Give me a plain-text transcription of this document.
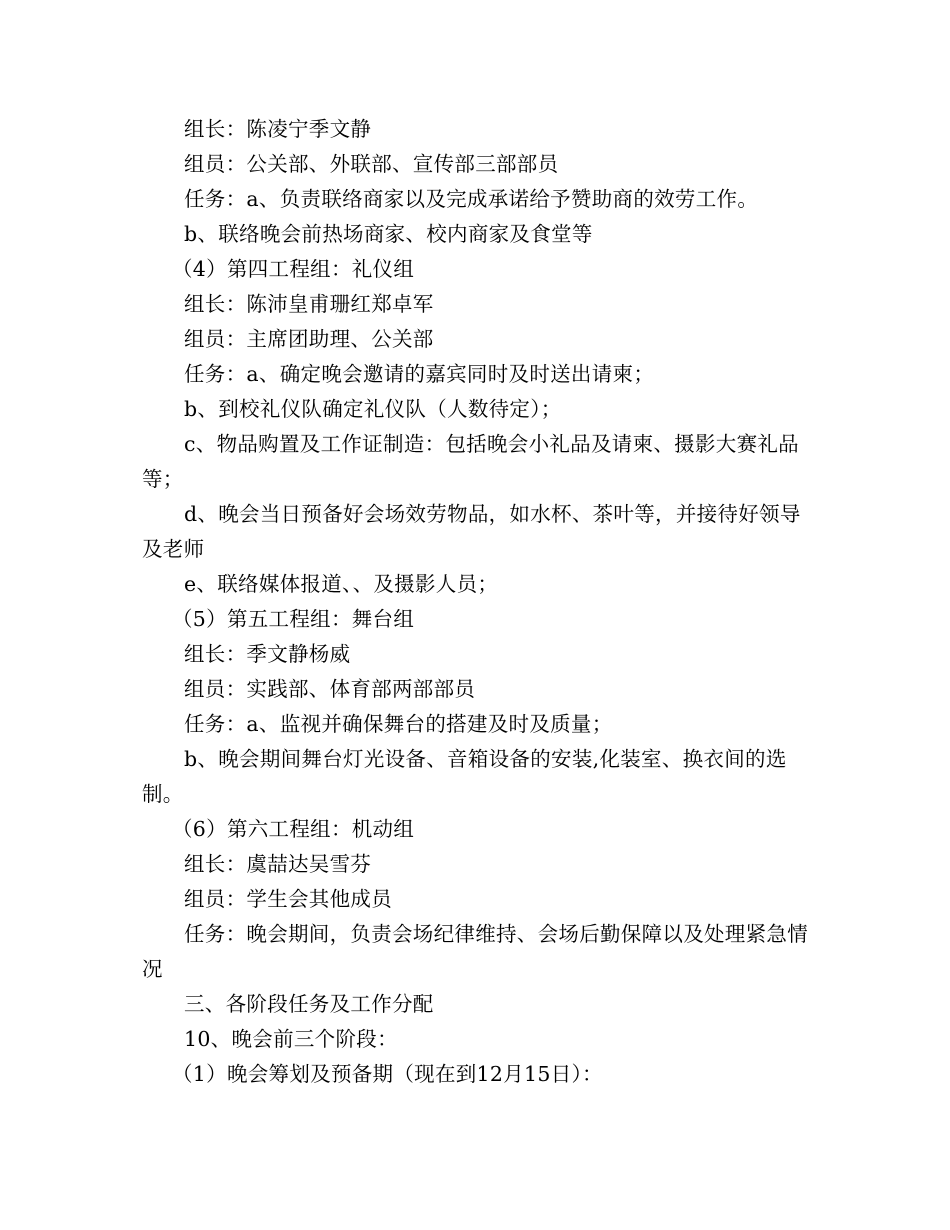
组长：陈凌宁季文静

组员：公关部、外联部、宣传部三部部员

任务：a、负责联络商家以及完成承诺给予赞助商的效劳工作。

b、联络晚会前热场商家、校内商家及食堂等

（4）第四工程组：礼仪组

组长：陈沛皇甫珊红郑卓军

组员：主席团助理、公关部

任务：a、确定晚会邀请的嘉宾同时及时送出请柬；

b、到校礼仪队确定礼仪队（人数待定）；

c、物品购置及工作证制造：包括晚会小礼品及请柬、摄影大赛礼品等；

d、晚会当日预备好会场效劳物品，如水杯、茶叶等，并接待好领导及老师

e、联络媒体报道、、及摄影人员；

（5）第五工程组：舞台组

组长：季文静杨威

组员：实践部、体育部两部部员

任务：a、监视并确保舞台的搭建及时及质量；

b、晚会期间舞台灯光设备、音箱设备的安装,化装室、换衣间的选制。

（6）第六工程组：机动组

组长：虞喆达吴雪芬

组员：学生会其他成员

任务：晚会期间，负责会场纪律维持、会场后勤保障以及处理紧急情况

三、各阶段任务及工作分配

10、晚会前三个阶段：

（1）晚会筹划及预备期（现在到12月15日）：
